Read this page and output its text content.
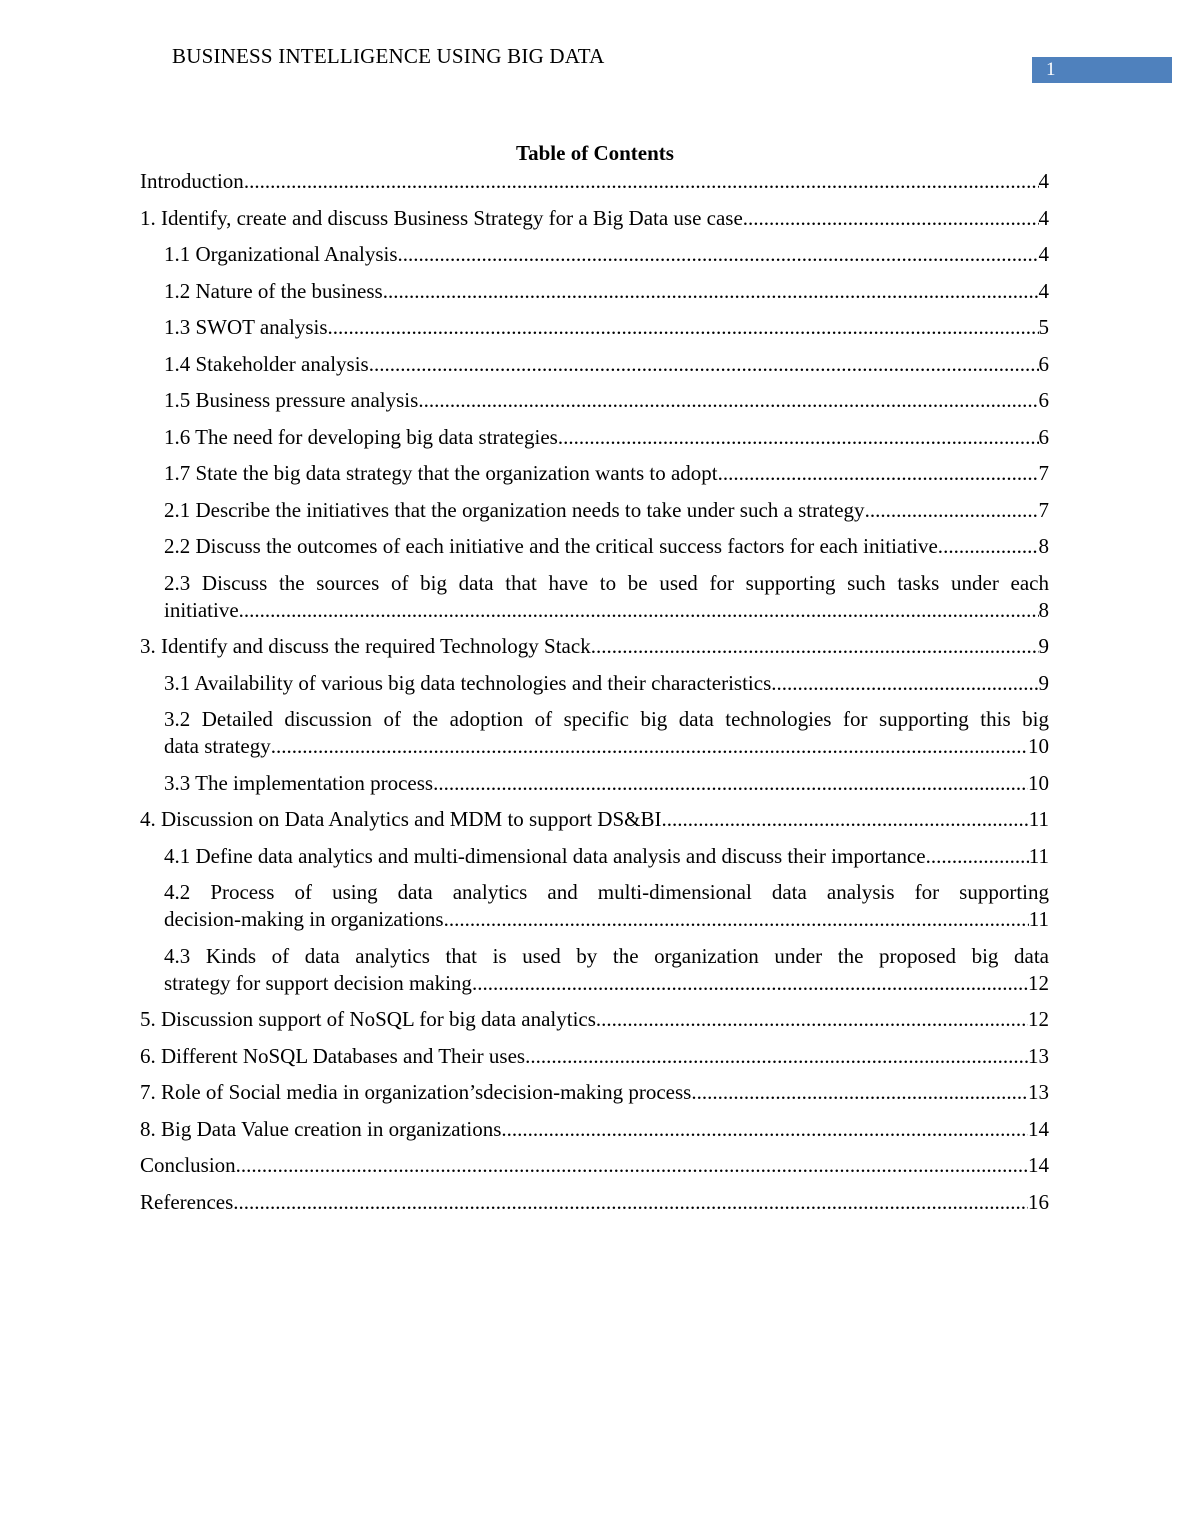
BUSINESS INTELLIGENCE USING BIG DATA
1
Table of Contents
Introduction .....	4
1. Identify, create and discuss Business Strategy for a Big Data use case .....	4
1.1 Organizational Analysis .....	4
1.2 Nature of the business .....	4
1.3 SWOT analysis .....	5
1.4 Stakeholder analysis .....	6
1.5 Business pressure analysis .....	6
1.6 The need for developing big data strategies .....	6
1.7 State the big data strategy that the organization wants to adopt .....	7
2.1 Describe the initiatives that the organization needs to take under such a strategy .....	7
2.2 Discuss the outcomes of each initiative and the critical success factors for each initiative. .....	8
2.3 Discuss the sources of big data that have to be used for supporting such tasks under each
initiative .....	8
3. Identify and discuss the required Technology Stack .....	9
3.1 Availability of various big data technologies and their characteristics .....	9
3.2 Detailed discussion of the adoption of specific big data technologies for supporting this big
data strategy .....	10
3.3 The implementation process .....	10
4. Discussion on Data Analytics and MDM to support DS&BI .....	11
4.1 Define data analytics and multi-dimensional data analysis and discuss their importance. .....	11
4.2 Process of using data analytics and multi-dimensional data analysis for supporting
decision-making in organizations .....	11
4.3 Kinds of data analytics that is used by the organization under the proposed big data
strategy for support decision making .....	12
5. Discussion support of NoSQL for big data analytics .....	12
6. Different NoSQL Databases and Their uses .....	13
7. Role of Social media in organization’sdecision-making process .....	13
8. Big Data Value creation in organizations .....	14
Conclusion .....	14
References .....	16
